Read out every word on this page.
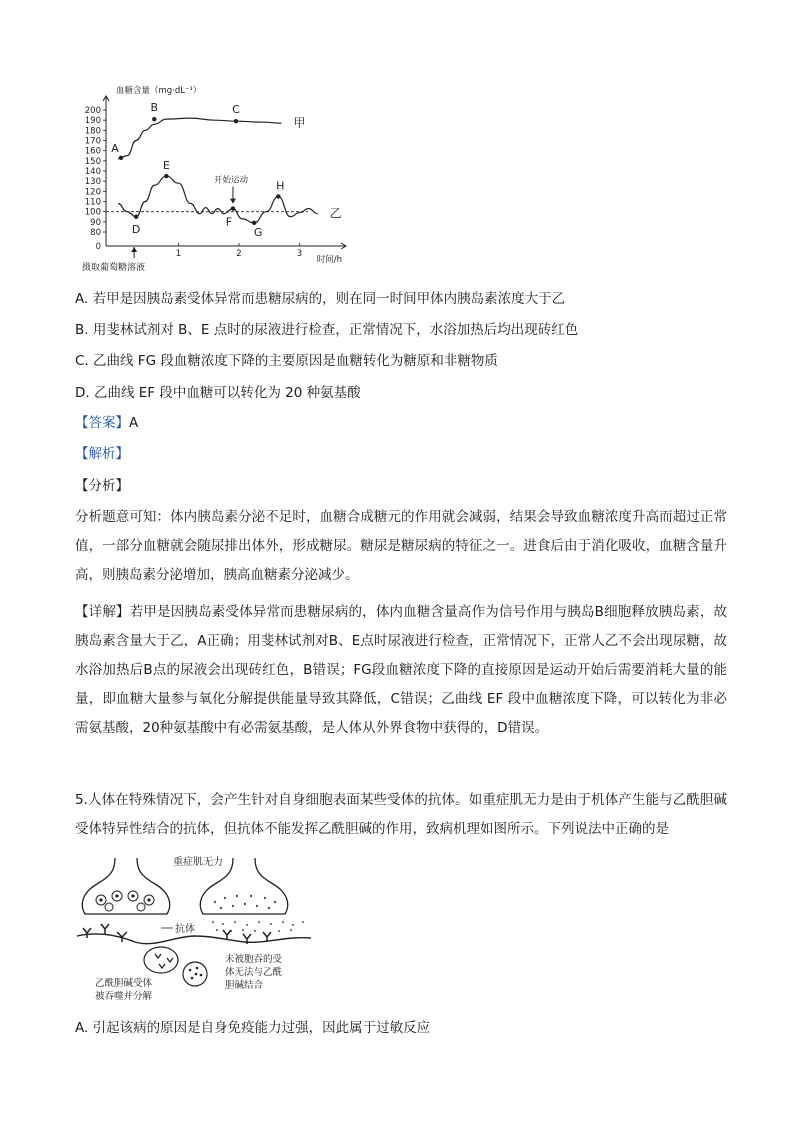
血糖含量（mg·dL⁻¹）
80
90
100
110
120
130
140
150
160
170
180
190
200
0
1	2	3
时间/h
摄取葡萄糖溶液
甲
乙
A
B	C
D
E
F
G
H
开始运动
A. 若甲是因胰岛素受体异常而患糖尿病的，则在同一时间甲体内胰岛素浓度大于乙
B. 用斐林试剂对 B、E 点时的尿液进行检查，正常情况下，水浴加热后均出现砖红色
C. 乙曲线 FG 段血糖浓度下降的主要原因是血糖转化为糖原和非糖物质
D. 乙曲线 EF 段中血糖可以转化为 20 种氨基酸
【答案】A
【解析】
【分析】
分析题意可知：体内胰岛素分泌不足时，血糖合成糖元的作用就会减弱，结果会导致血糖浓度升高而超过正常值，一部分血糖就会随尿排出体外，形成糖尿。糖尿是糖尿病的特征之一。进食后由于消化吸收，血糖含量升高，则胰岛素分泌增加，胰高血糖素分泌减少。
【详解】若甲是因胰岛素受体异常而患糖尿病的，体内血糖含量高作为信号作用与胰岛B细胞释放胰岛素，故胰岛素含量大于乙，A正确；用斐林试剂对B、E点时尿液进行检查，正常情况下，正常人乙不会出现尿糖，故水浴加热后B点的尿液会出现砖红色，B错误；FG段血糖浓度下降的直接原因是运动开始后需要消耗大量的能量，即血糖大量参与氧化分解提供能量导致其降低，C错误；乙曲线 EF 段中血糖浓度下降，可以转化为非必需氨基酸，20种氨基酸中有必需氨基酸，是人体从外界食物中获得的，D错误。
5.人体在特殊情况下，会产生针对自身细胞表面某些受体的抗体。如重症肌无力是由于机体产生能与乙酰胆碱受体特异性结合的抗体，但抗体不能发挥乙酰胆碱的作用，致病机理如图所示。下列说法中正确的是
重症肌无力
抗体
乙酰胆碱受体
被吞噬并分解
未被胞吞的受
体无法与乙酰
胆碱结合
A. 引起该病的原因是自身免疫能力过强，因此属于过敏反应
